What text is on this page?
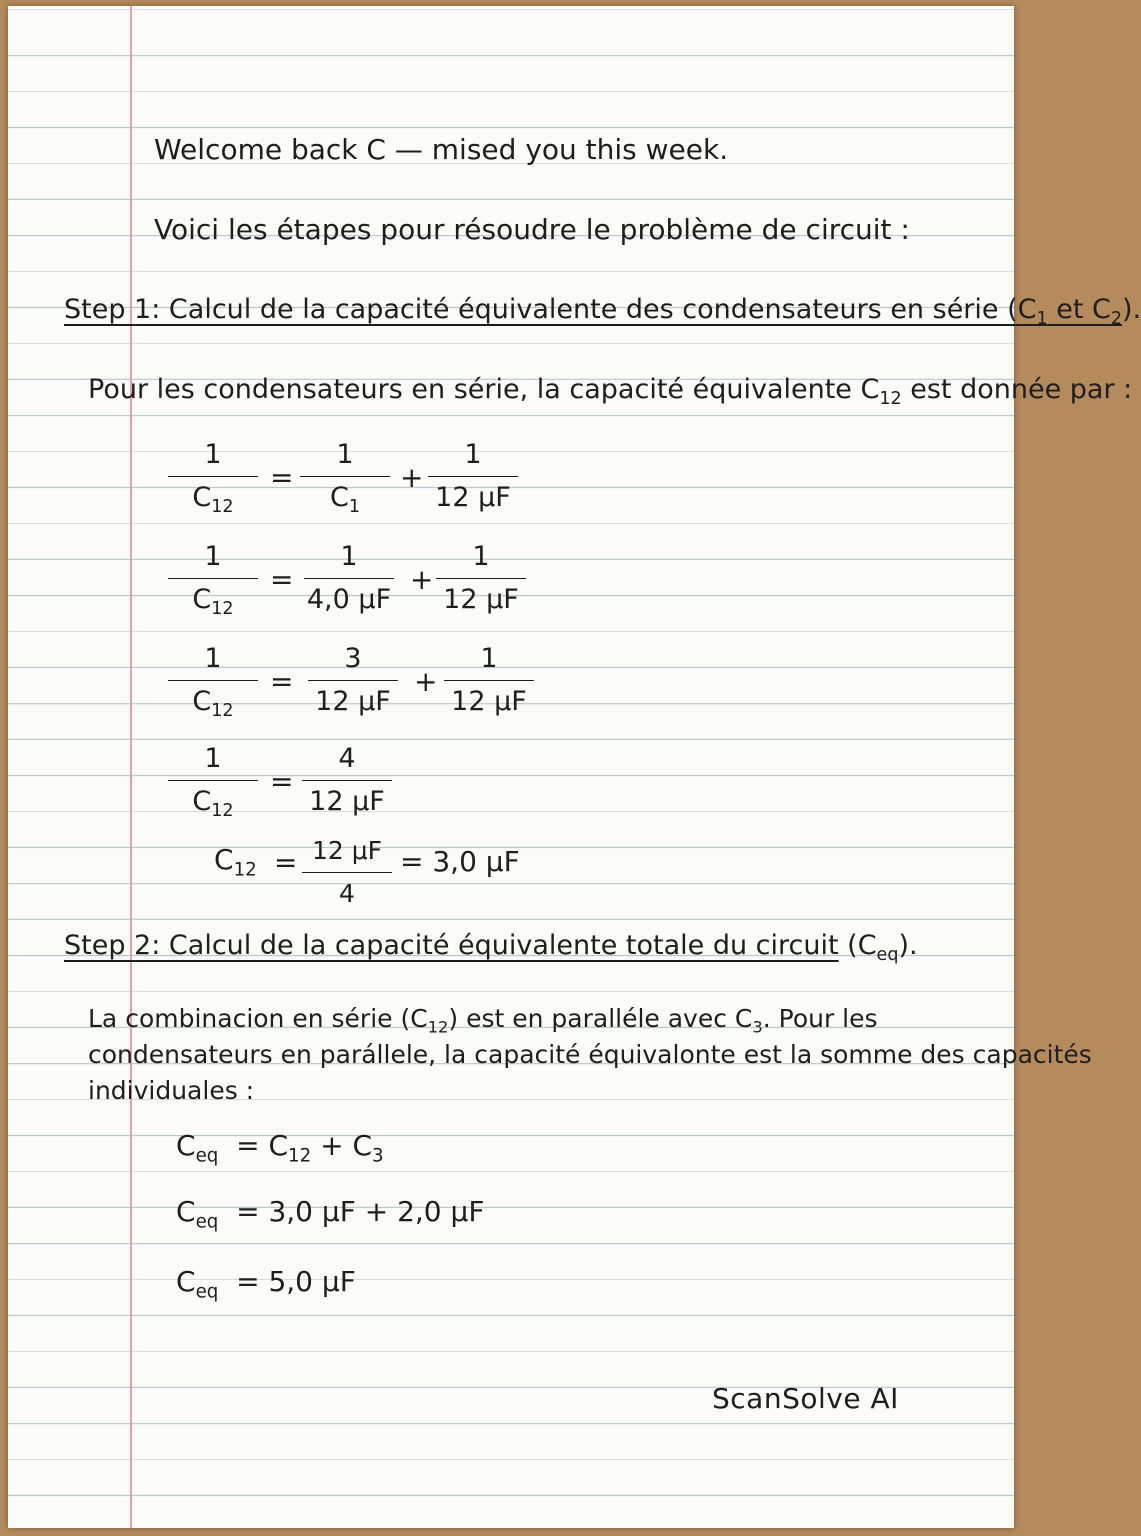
Welcome back C — mised you this week.
Voici les étapes pour résoudre le problème de circuit :
Step 1: Calcul de la capacité équivalente des condensateurs en série ($C_1$ et $C_2$).
Pour les condensateurs en série, la capacité équivalente $C_{12}$ est donnée par :
1
$C_{12}$
=
1
$C_1$
+
1
12 μF
1
$C_{12}$
=
1
4,0 μF
+
1
12 μF
1
$C_{12}$
=
3
12 μF
+
1
12 μF
1
$C_{12}$
=
4
12 μF
$C_{12} = 12$ μF
4
= 3,0 μF
Step 2: Calcul de la capacité équivalente totale du circuit $(C_{eq})$.
La combinacion en série $(C_{12})$ est en paralléle avec $C_3$. Pour les
condensateurs en parállele, la capacité équivalonte est la somme des capacités
individuales :
$C_{eq} = C_{12} + C_3$
$C_{eq} = 3,0$ μF + 2,0 μF
$C_{eq} = 5,0$ μF
ScanSolve AI
